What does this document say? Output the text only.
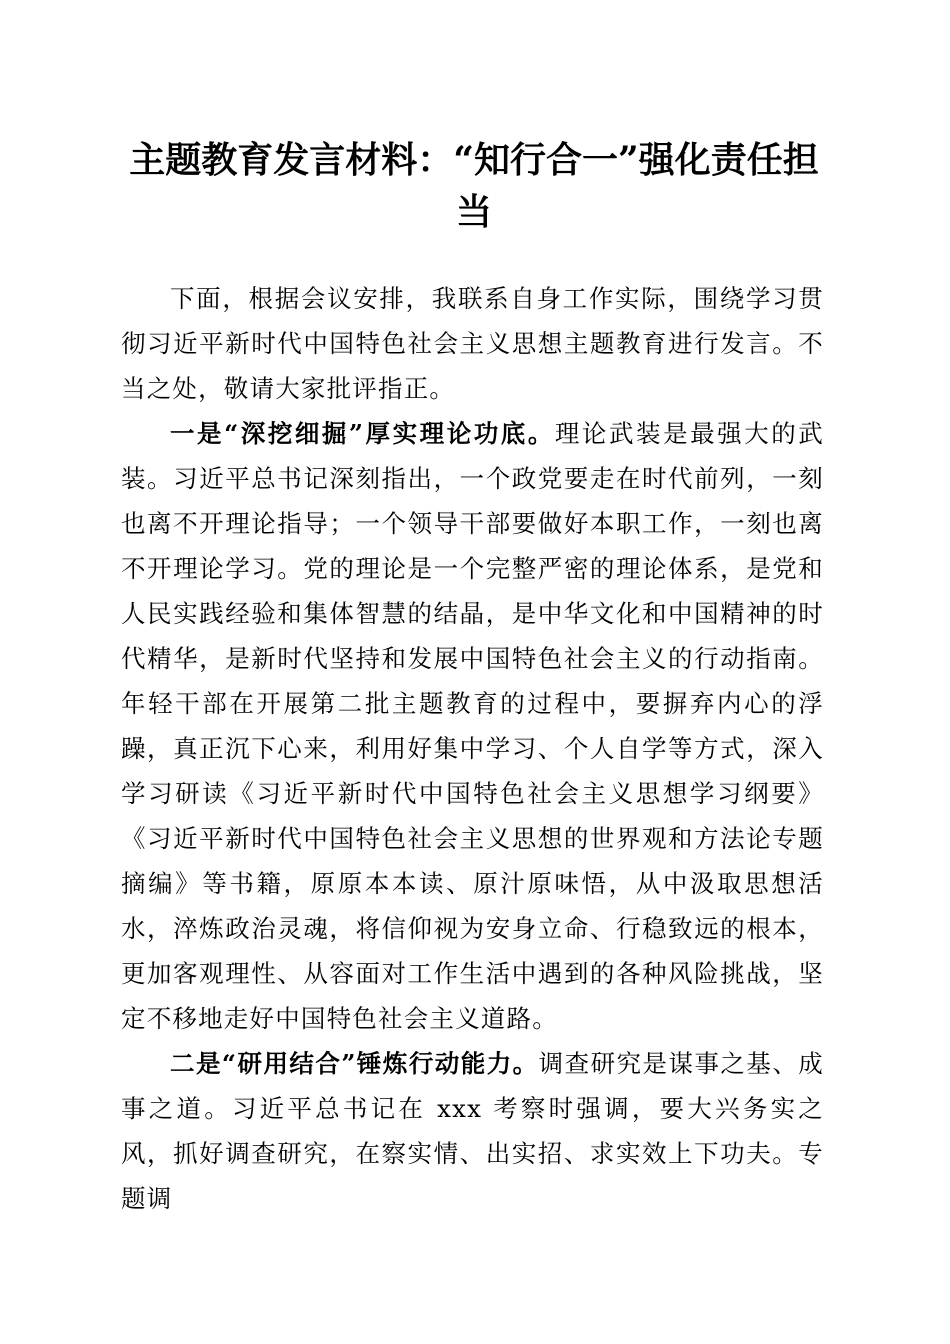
主题教育发言材料：“知行合一”强化责任担当

下面，根据会议安排，我联系自身工作实际，围绕学习贯彻习近平新时代中国特色社会主义思想主题教育进行发言。不当之处，敬请大家批评指正。

一是“深挖细掘”厚实理论功底。理论武装是最强大的武装。习近平总书记深刻指出，一个政党要走在时代前列，一刻也离不开理论指导；一个领导干部要做好本职工作，一刻也离不开理论学习。党的理论是一个完整严密的理论体系，是党和人民实践经验和集体智慧的结晶，是中华文化和中国精神的时代精华，是新时代坚持和发展中国特色社会主义的行动指南。年轻干部在开展第二批主题教育的过程中，要摒弃内心的浮躁，真正沉下心来，利用好集中学习、个人自学等方式，深入学习研读《习近平新时代中国特色社会主义思想学习纲要》《习近平新时代中国特色社会主义思想的世界观和方法论专题摘编》等书籍，原原本本读、原汁原味悟，从中汲取思想活水，淬炼政治灵魂，将信仰视为安身立命、行稳致远的根本，更加客观理性、从容面对工作生活中遇到的各种风险挑战，坚定不移地走好中国特色社会主义道路。

二是“研用结合”锤炼行动能力。调查研究是谋事之基、成事之道。习近平总书记在 xxx 考察时强调，要大兴务实之风，抓好调查研究，在察实情、出实招、求实效上下功夫。专题调
